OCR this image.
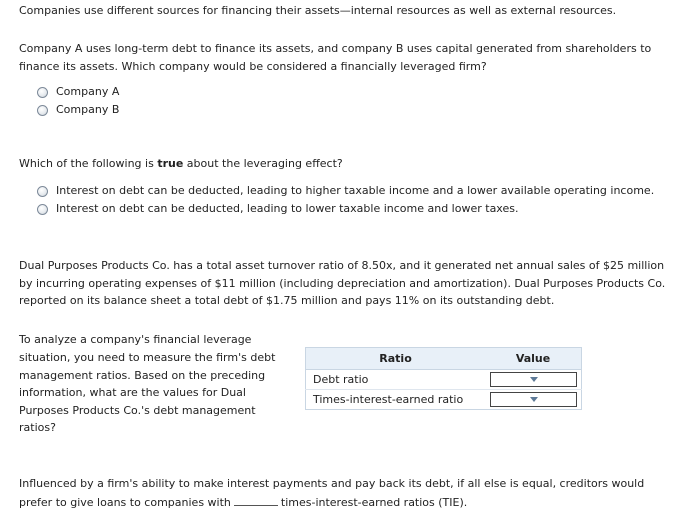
Companies use different sources for financing their assets—internal resources as well as external resources.

Company A uses long-term debt to finance its assets, and company B uses capital generated from shareholders to

finance its assets. Which company would be considered a financially leveraged firm?

Company A
Company B

Which of the following is true about the leveraging effect?

Interest on debt can be deducted, leading to higher taxable income and a lower available operating income.
Interest on debt can be deducted, leading to lower taxable income and lower taxes.

Dual Purposes Products Co. has a total asset turnover ratio of 8.50x, and it generated net annual sales of $25 million

by incurring operating expenses of $11 million (including depreciation and amortization). Dual Purposes Products Co.

reported on its balance sheet a total debt of $1.75 million and pays 11% on its outstanding debt.

To analyze a company's financial leverage

situation, you need to measure the firm's debt

management ratios. Based on the preceding

information, what are the values for Dual

Purposes Products Co.'s debt management

ratios?

Ratio	Value
Debt ratio	

Times-interest-earned ratio	

Influenced by a firm's ability to make interest payments and pay back its debt, if all else is equal, creditors would

prefer to give loans to companies with	times-interest-earned ratios (TIE).
